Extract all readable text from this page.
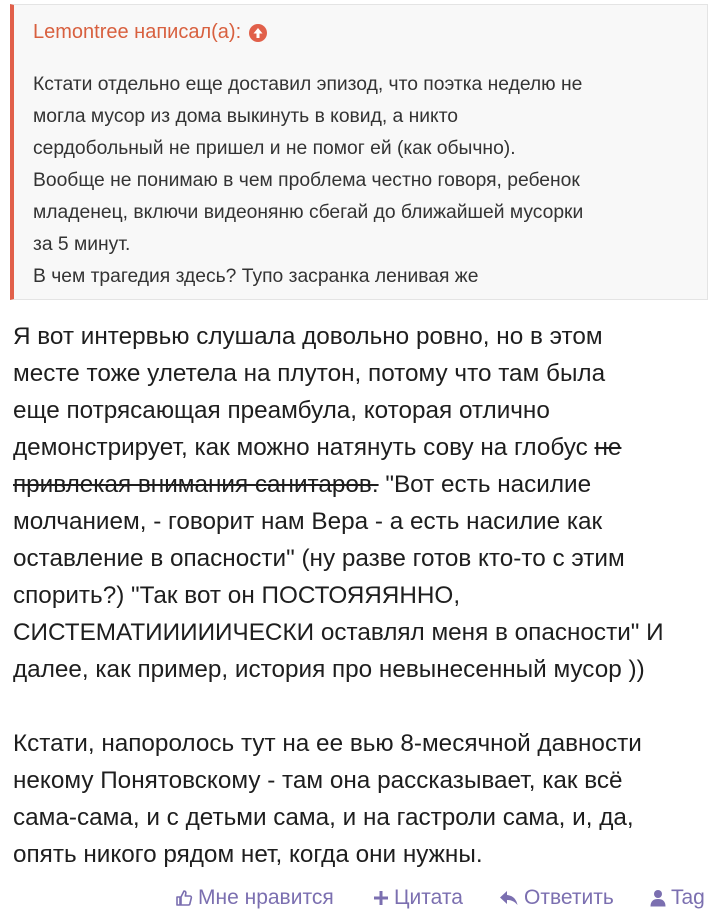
Lemontree написал(а):

Кстати отдельно еще доставил эпизод, что поэтка неделю не

могла мусор из дома выкинуть в ковид, а никто

сердобольный не пришел и не помог ей (как обычно).

Вообще не понимаю в чем проблема честно говоря, ребенок

младенец, включи видеоняню сбегай до ближайшей мусорки

за 5 минут.

В чем трагедия здесь? Тупо засранка ленивая же

Я вот интервью слушала довольно ровно, но в этом

месте тоже улетела на плутон, потому что там была

еще потрясающая преамбула, которая отлично

демонстрирует, как можно натянуть сову на глобус не

привлекая внимания санитаров. "Вот есть насилие

молчанием, - говорит нам Вера - а есть насилие как

оставление в опасности" (ну разве готов кто-то с этим

спорить?) "Так вот он ПОСТОЯЯЯННО,

СИСТЕМАТИИИИИЧЕСКИ оставлял меня в опасности" И

далее, как пример, история про невынесенный мусор ))

Кстати, напоролось тут на ее вью 8-месячной давности

некому Понятовскому - там она рассказывает, как всё

сама-сама, и с детьми сама, и на гастроли сама, и, да,

опять никого рядом нет, когда они нужны.

Мне нравится	Цитата	Ответить	Tag
